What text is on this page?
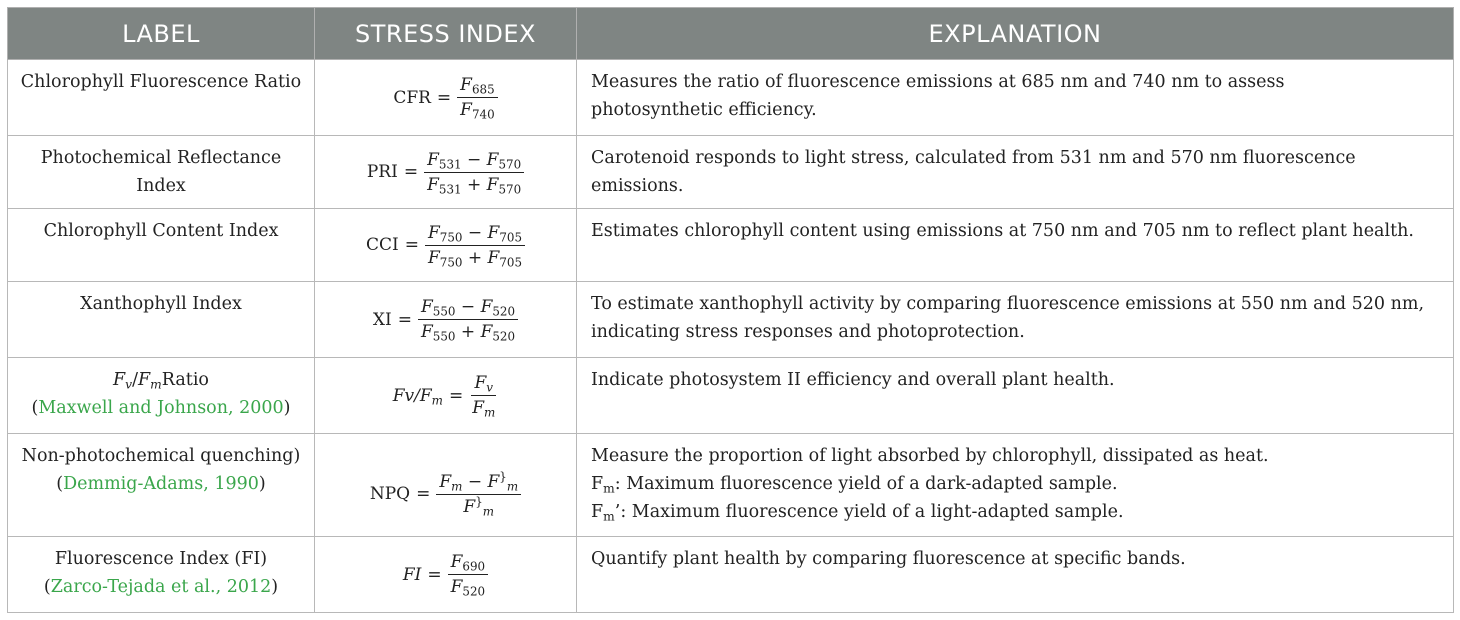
LABEL	STRESS INDEX	EXPLANATION
Chlorophyll Fluorescence Ratio	CFR = $\frac{F_{685}}{F_{740}}$	Measures the ratio of fluorescence emissions at 685 nm and 740 nm to assess
photosynthetic efficiency.

Photochemical Reflectance Index	PRI = $\frac{F_{531} - F_{570}}{F_{531} + F_{570}}$	Carotenoid responds to light stress, calculated from 531 nm and 570 nm fluorescence emissions.

Chlorophyll Content Index	CCI = $\frac{F_{750} - F_{705}}{F_{750} + F_{705}}$	Estimates chlorophyll content using emissions at 750 nm and 705 nm to reflect plant health.

Xanthophyll Index	XI = $\frac{F_{550} - F_{520}}{F_{550} + F_{520}}$	To estimate xanthophyll activity by comparing fluorescence emissions at 550 nm and 520 nm,
indicating stress responses and photoprotection.

$F_v/F_mRatio$
(Maxwell and Johnson, 2000)	$Fv/F_m = \frac{F_v}{F_m}$	Indicate photosystem II efficiency and overall plant health.

Non-photochemical quenching)
(Demmig-Adams, 1990)	NPQ = $\frac{F_m - F^{\}}_m}{F^{\}}_m}$	Measure the proportion of light absorbed by chlorophyll, dissipated as heat.
$F_m$: Maximum fluorescence yield of a dark-adapted sample.
$F_m$’: Maximum fluorescence yield of a light-adapted sample.

Fluorescence Index (FI)
(Zarco-Tejada et al., 2012)	FI = $\frac{F_{690}}{F_{520}}$	Quantify plant health by comparing fluorescence at specific bands.
